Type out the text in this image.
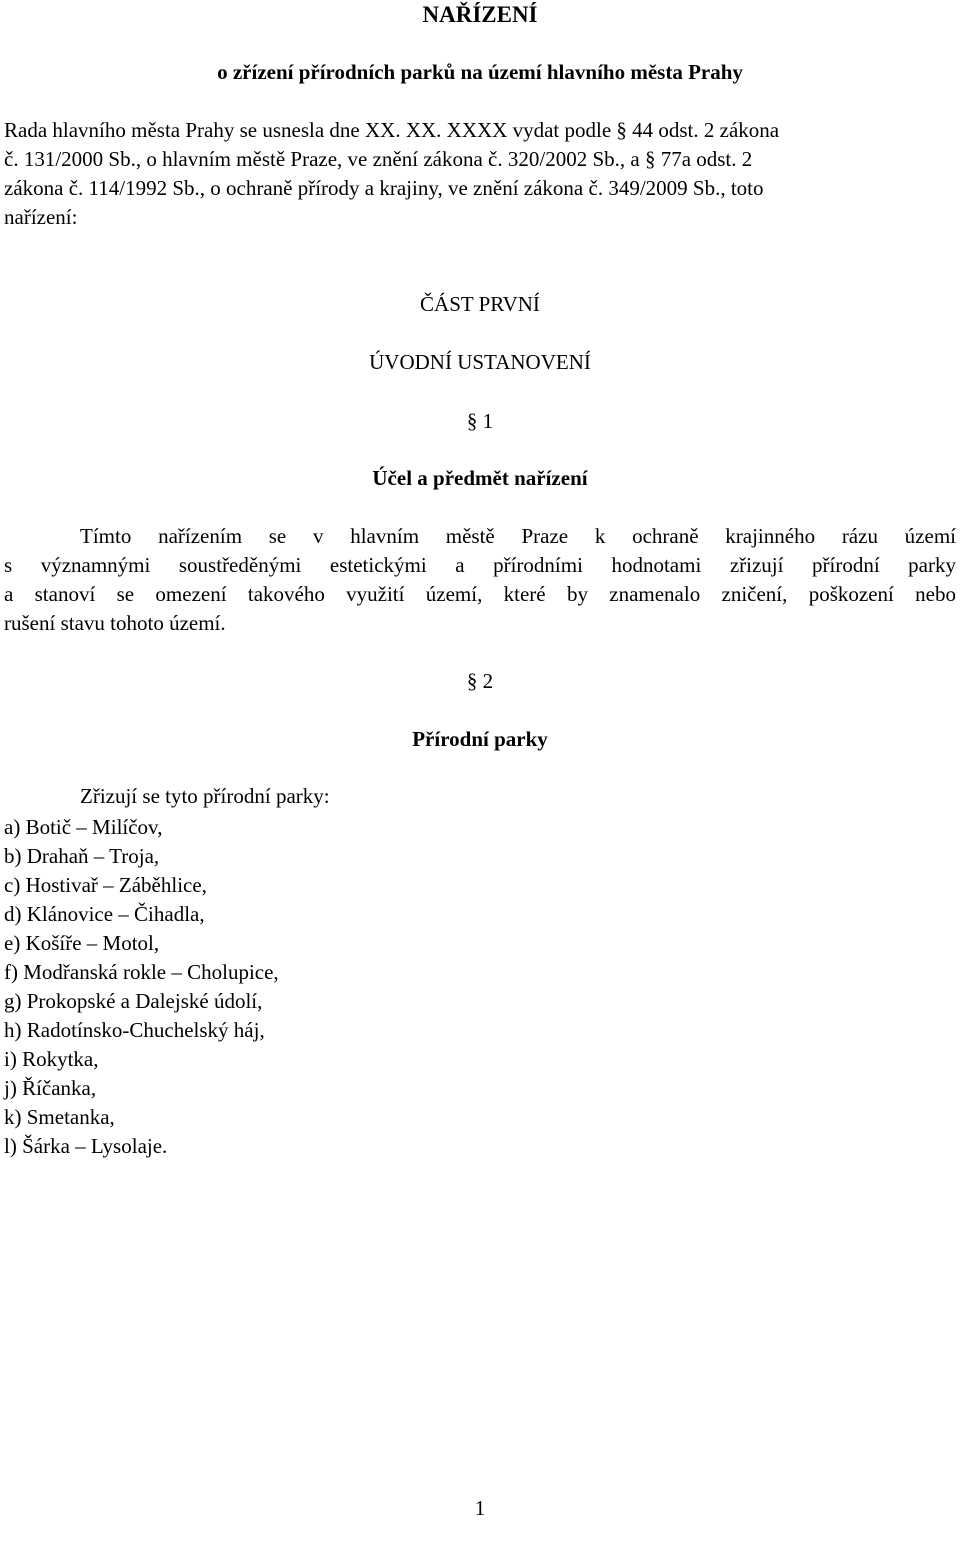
NAŘÍZENÍ
o zřízení přírodních parků na území hlavního města Prahy
Rada hlavního města Prahy se usnesla dne XX. XX. XXXX vydat podle § 44 odst. 2 zákona
č. 131/2000 Sb., o hlavním městě Praze, ve znění zákona č. 320/2002 Sb., a § 77a odst. 2
zákona č. 114/1992 Sb., o ochraně přírody a krajiny, ve znění zákona č. 349/2009 Sb., toto
nařízení:
ČÁST PRVNÍ
ÚVODNÍ USTANOVENÍ
§ 1
Účel a předmět nařízení
Tímto nařízením se v hlavním městě Praze k ochraně krajinného rázu území
s významnými soustředěnými estetickými a přírodními hodnotami zřizují přírodní parky
a stanoví se omezení takového využití území, které by znamenalo zničení, poškození nebo
rušení stavu tohoto území.
§ 2
Přírodní parky
Zřizují se tyto přírodní parky:
a) Botič – Milíčov,
b) Drahaň – Troja,
c) Hostivař – Záběhlice,
d) Klánovice – Čihadla,
e) Košíře – Motol,
f) Modřanská rokle – Cholupice,
g) Prokopské a Dalejské údolí,
h) Radotínsko-Chuchelský háj,
i) Rokytka,
j) Říčanka,
k) Smetanka,
l) Šárka – Lysolaje.
1
